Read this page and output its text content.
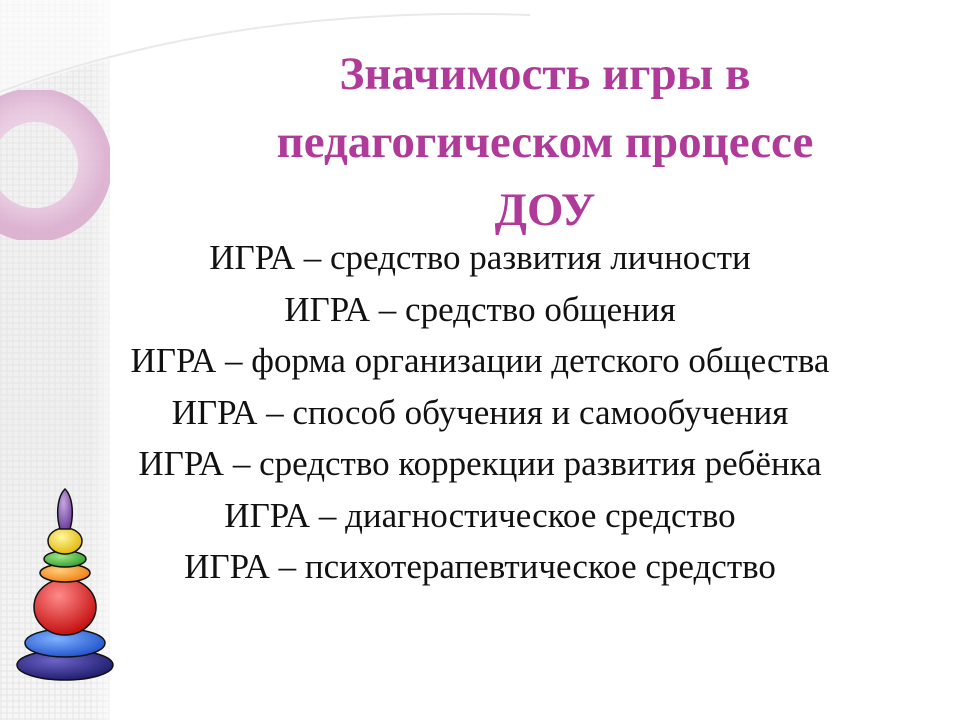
Значимость игры в
педагогическом процессе
ДОУ
ИГРА – средство развития личности
ИГРА – средство общения
ИГРА – форма организации детского общества
ИГРА – способ обучения и самообучения
ИГРА – средство коррекции развития ребёнка
ИГРА – диагностическое средство
ИГРА – психотерапевтическое средство
